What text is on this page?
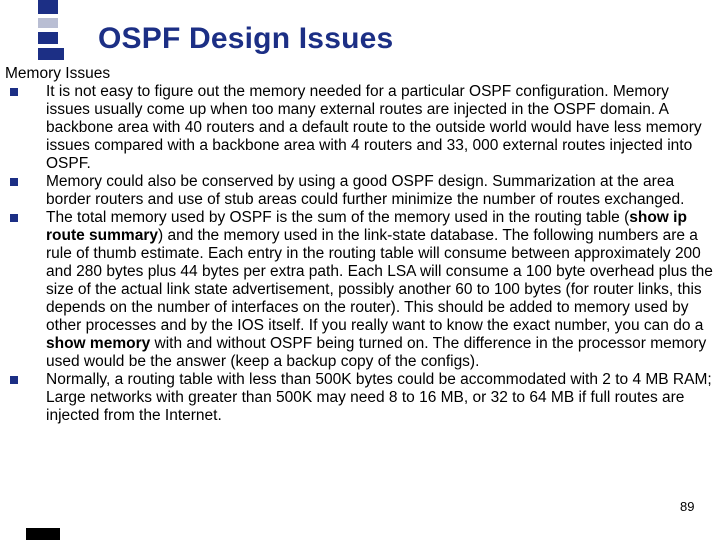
OSPF Design Issues
Memory Issues
It is not easy to figure out the memory needed for a particular OSPF configuration. Memory issues usually come up when too many external routes are injected in the OSPF domain. A backbone area with 40 routers and a default route to the outside world would have less memory issues compared with a backbone area with 4 routers and 33, 000 external routes injected into OSPF.
Memory could also be conserved by using a good OSPF design. Summarization at the area border routers and use of stub areas could further minimize the number of routes exchanged.
The total memory used by OSPF is the sum of the memory used in the routing table (show ip route summary) and the memory used in the link-state database. The following numbers are a rule of thumb estimate. Each entry in the routing table will consume between approximately 200 and 280 bytes plus 44 bytes per extra path. Each LSA will consume a 100 byte overhead plus the size of the actual link state advertisement, possibly another 60 to 100 bytes (for router links, this depends on the number of interfaces on the router). This should be added to memory used by other processes and by the IOS itself. If you really want to know the exact number, you can do a show memory with and without OSPF being turned on. The difference in the processor memory used would be the answer (keep a backup copy of the configs).
Normally, a routing table with less than 500K bytes could be accommodated with 2 to 4 MB RAM; Large networks with greater than 500K may need 8 to 16 MB, or 32 to 64 MB if full routes are injected from the Internet.
89
